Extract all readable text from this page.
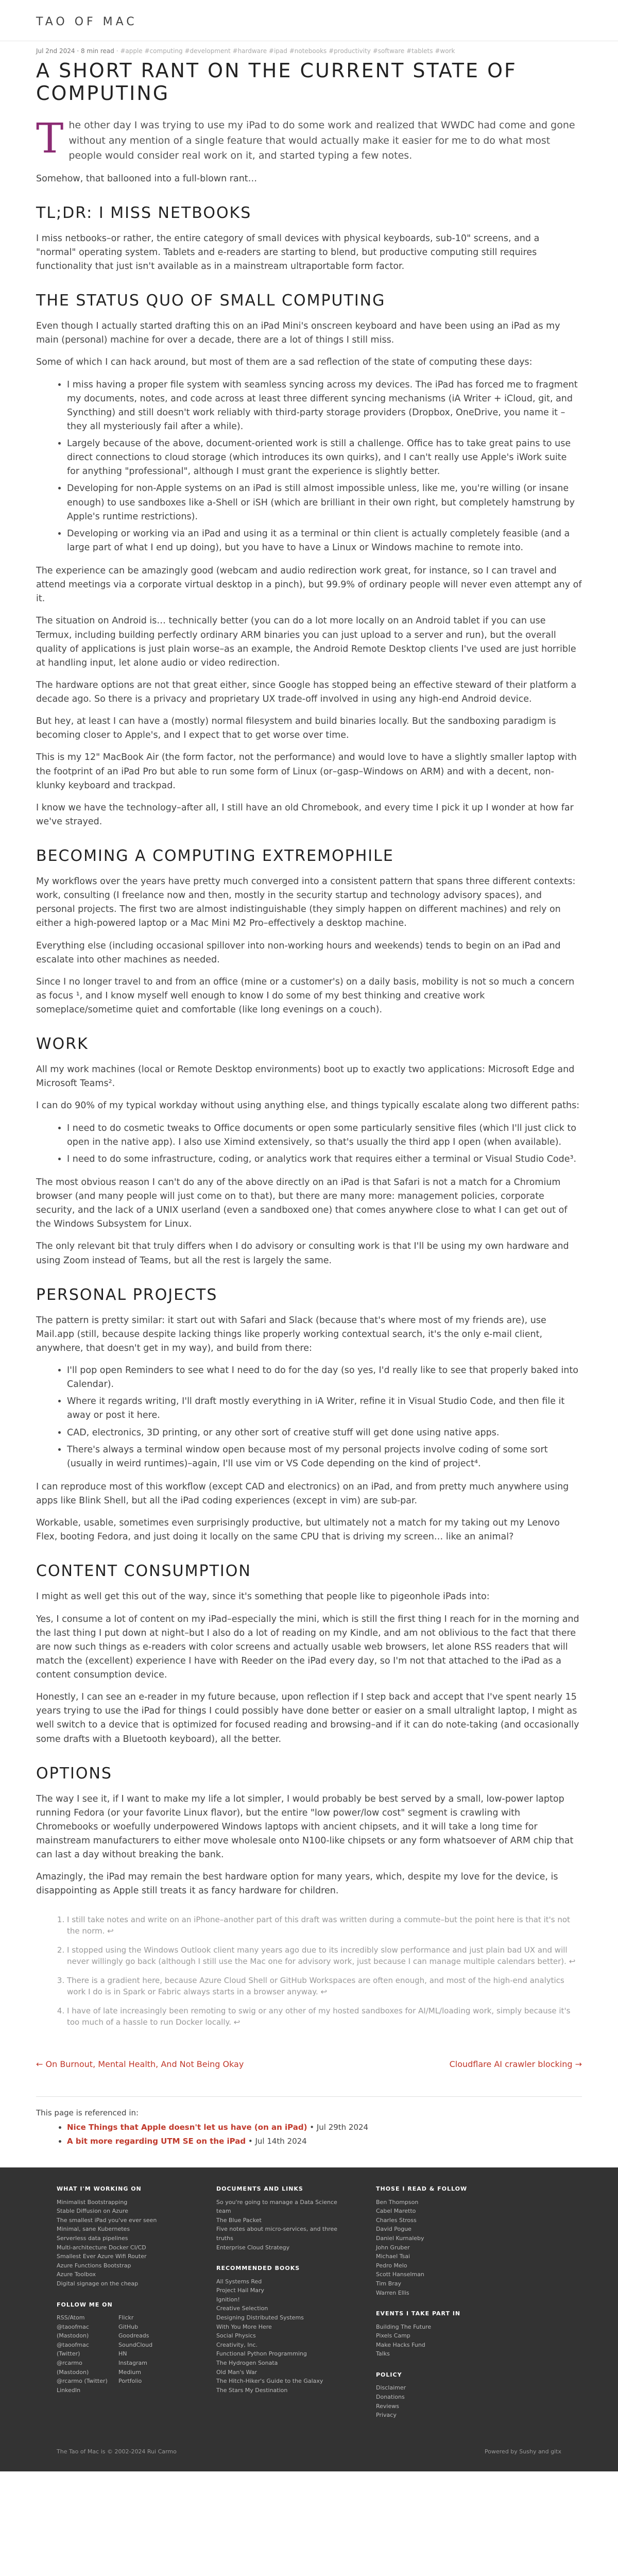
TAO OF MAC
Jul 2nd 2024 · 8 min read · #apple #computing #development #hardware #ipad #notebooks #productivity #software #tablets #work
A SHORT RANT ON THE CURRENT STATE OF COMPUTING

The other day I was trying to use my iPad to do some work and realized that WWDC had come and gone without any mention of a single feature that would actually make it easier for me to do what most people would consider real work on it, and started typing a few notes.

Somehow, that ballooned into a full-blown rant…

TL;DR: I MISS NETBOOKS

I miss netbooks–or rather, the entire category of small devices with physical keyboards, sub-10" screens, and a "normal" operating system. Tablets and e-readers are starting to blend, but productive computing still requires functionality that just isn't available as in a mainstream ultraportable form factor.

THE STATUS QUO OF SMALL COMPUTING

Even though I actually started drafting this on an iPad Mini's onscreen keyboard and have been using an iPad as my main (personal) machine for over a decade, there are a lot of things I still miss.

Some of which I can hack around, but most of them are a sad reflection of the state of computing these days:

• I miss having a proper file system with seamless syncing across my devices. The iPad has forced me to fragment my documents, notes, and code across at least three different syncing mechanisms (iA Writer + iCloud, git, and Syncthing) and still doesn't work reliably with third-party storage providers (Dropbox, OneDrive, you name it – they all mysteriously fail after a while).
• Largely because of the above, document-oriented work is still a challenge. Office has to take great pains to use direct connections to cloud storage (which introduces its own quirks), and I can't really use Apple's iWork suite for anything "professional", although I must grant the experience is slightly better.
• Developing for non-Apple systems on an iPad is still almost impossible unless, like me, you're willing (or insane enough) to use sandboxes like a-Shell or iSH (which are brilliant in their own right, but completely hamstrung by Apple's runtime restrictions).
• Developing or working via an iPad and using it as a terminal or thin client is actually completely feasible (and a large part of what I end up doing), but you have to have a Linux or Windows machine to remote into.

The experience can be amazingly good (webcam and audio redirection work great, for instance, so I can travel and attend meetings via a corporate virtual desktop in a pinch), but 99.9% of ordinary people will never even attempt any of it.

The situation on Android is… technically better (you can do a lot more locally on an Android tablet if you can use Termux, including building perfectly ordinary ARM binaries you can just upload to a server and run), but the overall quality of applications is just plain worse–as an example, the Android Remote Desktop clients I've used are just horrible at handling input, let alone audio or video redirection.

The hardware options are not that great either, since Google has stopped being an effective steward of their platform a decade ago. So there is a privacy and proprietary UX trade-off involved in using any high-end Android device.

But hey, at least I can have a (mostly) normal filesystem and build binaries locally. But the sandboxing paradigm is becoming closer to Apple's, and I expect that to get worse over time.

This is my 12" MacBook Air (the form factor, not the performance) and would love to have a slightly smaller laptop with the footprint of an iPad Pro but able to run some form of Linux (or–gasp–Windows on ARM) and with a decent, non-klunky keyboard and trackpad.

I know we have the technology–after all, I still have an old Chromebook, and every time I pick it up I wonder at how far we've strayed.

BECOMING A COMPUTING EXTREMOPHILE

My workflows over the years have pretty much converged into a consistent pattern that spans three different contexts: work, consulting (I freelance now and then, mostly in the security startup and technology advisory spaces), and personal projects. The first two are almost indistinguishable (they simply happen on different machines) and rely on either a high-powered laptop or a Mac Mini M2 Pro–effectively a desktop machine.

Everything else (including occasional spillover into non-working hours and weekends) tends to begin on an iPad and escalate into other machines as needed.

Since I no longer travel to and from an office (mine or a customer's) on a daily basis, mobility is not so much a concern as focus ¹, and I know myself well enough to know I do some of my best thinking and creative work someplace/sometime quiet and comfortable (like long evenings on a couch).

WORK

All my work machines (local or Remote Desktop environments) boot up to exactly two applications: Microsoft Edge and Microsoft Teams².

I can do 90% of my typical workday without using anything else, and things typically escalate along two different paths:

• I need to do cosmetic tweaks to Office documents or open some particularly sensitive files (which I'll just click to open in the native app). I also use Ximind extensively, so that's usually the third app I open (when available).
• I need to do some infrastructure, coding, or analytics work that requires either a terminal or Visual Studio Code³.

The most obvious reason I can't do any of the above directly on an iPad is that Safari is not a match for a Chromium browser (and many people will just come on to that), but there are many more: management policies, corporate security, and the lack of a UNIX userland (even a sandboxed one) that comes anywhere close to what I can get out of the Windows Subsystem for Linux.

The only relevant bit that truly differs when I do advisory or consulting work is that I'll be using my own hardware and using Zoom instead of Teams, but all the rest is largely the same.

PERSONAL PROJECTS

The pattern is pretty similar: it start out with Safari and Slack (because that's where most of my friends are), use Mail.app (still, because despite lacking things like properly working contextual search, it's the only e-mail client, anywhere, that doesn't get in my way), and build from there:

• I'll pop open Reminders to see what I need to do for the day (so yes, I'd really like to see that properly baked into Calendar).
• Where it regards writing, I'll draft mostly everything in iA Writer, refine it in Visual Studio Code, and then file it away or post it here.
• CAD, electronics, 3D printing, or any other sort of creative stuff will get done using native apps.
• There's always a terminal window open because most of my personal projects involve coding of some sort (usually in weird runtimes)–again, I'll use vim or VS Code depending on the kind of project⁴.

I can reproduce most of this workflow (except CAD and electronics) on an iPad, and from pretty much anywhere using apps like Blink Shell, but all the iPad coding experiences (except in vim) are sub-par.

Workable, usable, sometimes even surprisingly productive, but ultimately not a match for my taking out my Lenovo Flex, booting Fedora, and just doing it locally on the same CPU that is driving my screen… like an animal?

CONTENT CONSUMPTION

I might as well get this out of the way, since it's something that people like to pigeonhole iPads into:

Yes, I consume a lot of content on my iPad–especially the mini, which is still the first thing I reach for in the morning and the last thing I put down at night–but I also do a lot of reading on my Kindle, and am not oblivious to the fact that there are now such things as e-readers with color screens and actually usable web browsers, let alone RSS readers that will match the (excellent) experience I have with Reeder on the iPad every day, so I'm not that attached to the iPad as a content consumption device.

Honestly, I can see an e-reader in my future because, upon reflection if I step back and accept that I've spent nearly 15 years trying to use the iPad for things I could possibly have done better or easier on a small ultralight laptop, I might as well switch to a device that is optimized for focused reading and browsing–and if it can do note-taking (and occasionally some drafts with a Bluetooth keyboard), all the better.

OPTIONS

The way I see it, if I want to make my life a lot simpler, I would probably be best served by a small, low-power laptop running Fedora (or your favorite Linux flavor), but the entire "low power/low cost" segment is crawling with Chromebooks or woefully underpowered Windows laptops with ancient chipsets, and it will take a long time for mainstream manufacturers to either move wholesale onto N100-like chipsets or any form whatsoever of ARM chip that can last a day without breaking the bank.

Amazingly, the iPad may remain the best hardware option for many years, which, despite my love for the device, is disappointing as Apple still treats it as fancy hardware for children.

1. I still take notes and write on an iPhone–another part of this draft was written during a commute–but the point here is that it's not the norm. ↩
2. I stopped using the Windows Outlook client many years ago due to its incredibly slow performance and just plain bad UX and will never willingly go back (although I still use the Mac one for advisory work, just because I can manage multiple calendars better). ↩
3. There is a gradient here, because Azure Cloud Shell or GitHub Workspaces are often enough, and most of the high-end analytics work I do is in Spark or Fabric always starts in a browser anyway. ↩
4. I have of late increasingly been remoting to swig or any other of my hosted sandboxes for AI/ML/loading work, simply because it's too much of a hassle to run Docker locally. ↩
← On Burnout, Mental Health, And Not Being Okay	Cloudflare AI crawler blocking →
This page is referenced in:
• Nice Things that Apple doesn't let us have (on an iPad) • Jul 29th 2024
• A bit more regarding UTM SE on the iPad • Jul 14th 2024
WHAT I'M WORKING ON
Minimalist Bootstrapping
Stable Diffusion on Azure
The smallest iPad you've ever seen
Minimal, sane Kubernetes
Serverless data pipelines
Multi-architecture Docker CI/CD
Smallest Ever Azure Wifi Router
Azure Functions Bootstrap
Azure Toolbox
Digital signage on the cheap
FOLLOW ME ON
RSS/Atom
@taoofmac
(Mastodon)
@taoofmac
(Twitter)
@rcarmo
(Mastodon)
@rcarmo (Twitter)
LinkedIn
Flickr
GitHub
Goodreads
SoundCloud
HN
Instagram
Medium
Portfolio
DOCUMENTS AND LINKS
So you're going to manage a Data Science team
The Blue Packet
Five notes about micro-services, and three truths
Enterprise Cloud Strategy
RECOMMENDED BOOKS
All Systems Red
Project Hail Mary
Ignition!
Creative Selection
Designing Distributed Systems
With You More Here
Social Physics
Creativity, Inc.
Functional Python Programming
The Hydrogen Sonata
Old Man's War
The Hitch-Hiker's Guide to the Galaxy
The Stars My Destination
THOSE I READ & FOLLOW
Ben Thompson
Cabel Maretto
Charles Stross
David Pogue
Daniel Kurnaleby
John Gruber
Michael Tsai
Pedro Melo
Scott Hanselman
Tim Bray
Warren Ellis
EVENTS I TAKE PART IN
Building The Future
Pixels Camp
Make Hacks Fund
Talks
POLICY
Disclaimer
Donations
Reviews
Privacy
The Tao of Mac is © 2002-2024 Rui Carmo	Powered by Sushy and gitx
